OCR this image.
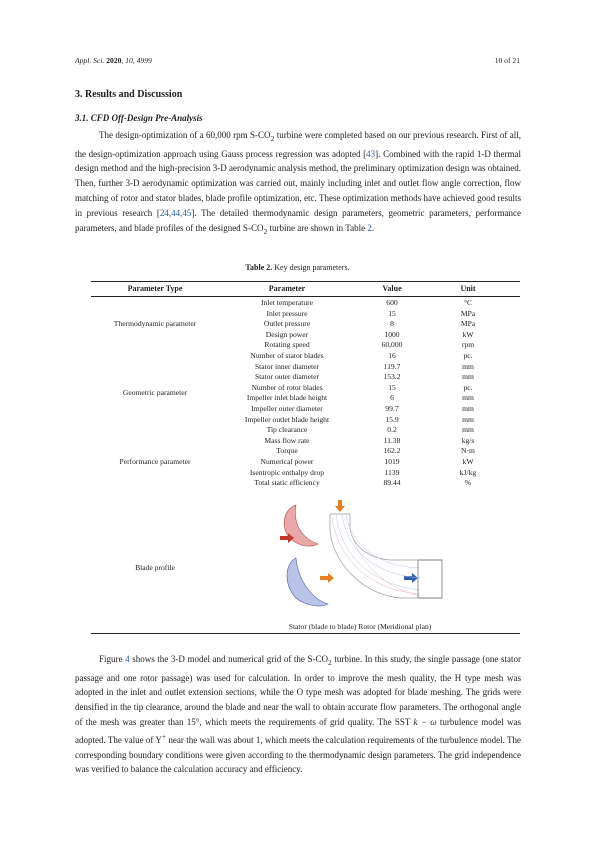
Appl. Sci. 2020, 10, 4999	10 of 21
3. Results and Discussion
3.1. CFD Off-Design Pre-Analysis

The design-optimization of a 60,000 rpm $S-CO_2$ turbine were completed based on our previous research. First of all, the design-optimization approach using Gauss process regression was adopted [43]. Combined with the rapid 1-D thermal design method and the high-precision 3-D aerodynamic analysis method, the preliminary optimization design was obtained. Then, further 3-D aerodynamic optimization was carried out, mainly including inlet and outlet flow angle correction, flow matching of rotor and stator blades, blade profile optimization, etc. These optimization methods have achieved good results in previous research [24,44,45]. The detailed thermodynamic design parameters, geometric parameters, performance parameters, and blade profiles of the designed $S-CO_2$ turbine are shown in Table 2.

Table 2. Key design parameters.
Parameter Type	Parameter	Value	Unit
Inlet temperature	600	°C
Inlet pressure	15	MPa
Outlet pressure	8	MPa
Design power	1000	kW
Rotating speed	60,000	rpm
Thermodynamic parameter
Number of stator blades	16	pc.
Stator inner diameter	119.7	mm
Stator outer diameter	153.2	mm
Number of rotor blades	15	pc.
Impeller inlet blade height	6	mm
Impeller outer diameter	99.7	mm
Impeller outlet blade height	15.9	mm
Tip clearance	0.2	mm
Geometric parameter
Mass flow rate	11.38	kg/s
Torque	162.2	N·m
Numerical power	1019	kW
Isentropic enthalpy drop	1139	kJ/kg
Total static efficiency	89.44	%
Performance parameter
Blade profile
Stator (blade to blade) Rotor (Meridional plan)

Figure 4 shows the 3-D model and numerical grid of the $S-CO_2$ turbine. In this study, the single passage (one stator passage and one rotor passage) was used for calculation. In order to improve the mesh quality, the H type mesh was adopted in the inlet and outlet extension sections, while the O type mesh was adopted for blade meshing. The grids were densified in the tip clearance, around the blade and near the wall to obtain accurate flow parameters. The orthogonal angle of the mesh was greater than 15°, which meets the requirements of grid quality. The SST k − ω turbulence model was adopted. The value of Y+ near the wall was about 1, which meets the calculation requirements of the turbulence model. The corresponding boundary conditions were given according to the thermodynamic design parameters. The grid independence was verified to balance the calculation accuracy and efficiency.
